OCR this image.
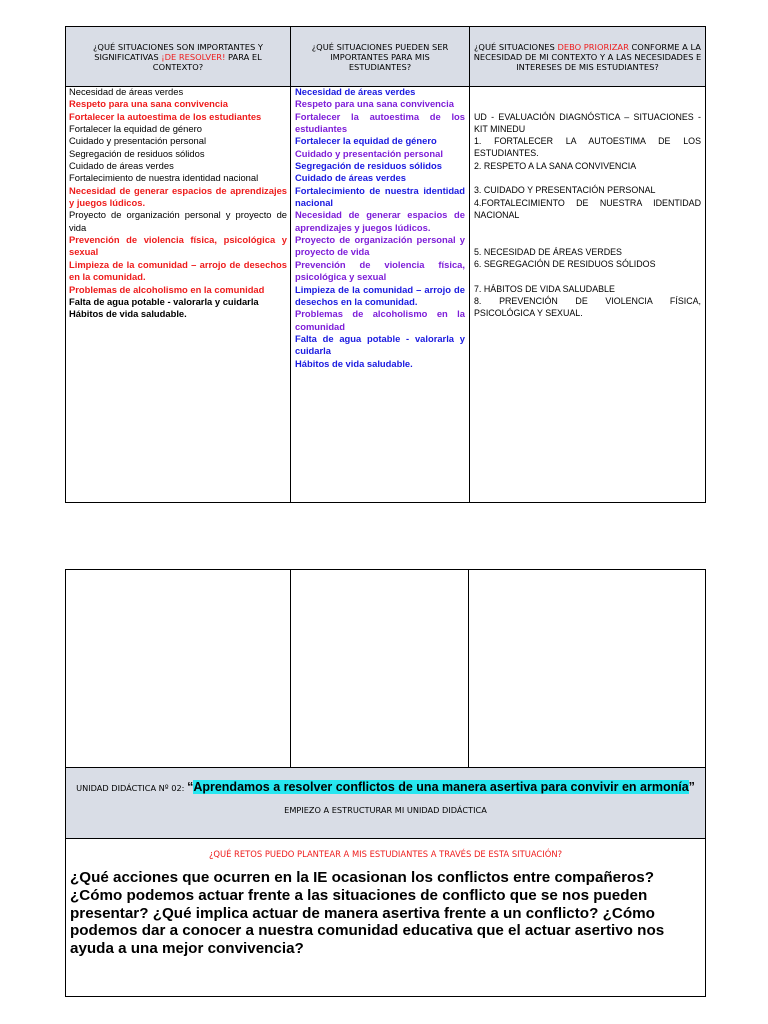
¿QUÉ SITUACIONES SON IMPORTANTES Y SIGNIFICATIVAS ¡DE RESOLVER! PARA EL CONTEXTO?
¿QUÉ SITUACIONES PUEDEN SER IMPORTANTES PARA MIS ESTUDIANTES?
¿QUÉ SITUACIONES DEBO PRIORIZAR CONFORME A LA NECESIDAD DE MI CONTEXTO Y A LAS NECESIDADES E INTERESES DE MIS ESTUDIANTES?
Necesidad de áreas verdes
Respeto para una sana convivencia
Fortalecer la autoestima de los estudiantes
Fortalecer la equidad de género
Cuidado y presentación personal
Segregación de residuos sólidos
Cuidado de áreas verdes
Fortalecimiento de nuestra identidad nacional
Necesidad de generar espacios de aprendizajes y juegos lúdicos.
Proyecto de organización personal y proyecto de vida
Prevención de violencia física, psicológica y sexual
Limpieza de la comunidad – arrojo de desechos en la comunidad.
Problemas de alcoholismo en la comunidad
Falta de agua potable - valorarla y cuidarla
Hábitos de vida saludable.
Necesidad de áreas verdes
Respeto para una sana convivencia
Fortalecer la autoestima de los estudiantes
Fortalecer la equidad de género
Cuidado y presentación personal
Segregación de residuos sólidos
Cuidado de áreas verdes
Fortalecimiento de nuestra identidad nacional
Necesidad de generar espacios de aprendizajes y juegos lúdicos.
Proyecto de organización personal y proyecto de vida
Prevención de violencia física, psicológica y sexual
Limpieza de la comunidad – arrojo de desechos en la comunidad.
Problemas de alcoholismo en la comunidad
Falta de agua potable - valorarla y cuidarla
Hábitos de vida saludable.
UD - EVALUACIÓN DIAGNÓSTICA – SITUACIONES - KIT MINEDU
1. FORTALECER LA AUTOESTIMA DE LOS ESTUDIANTES.
2. RESPETO A LA SANA CONVIVENCIA
3. CUIDADO Y PRESENTACIÓN PERSONAL
4.FORTALECIMIENTO DE NUESTRA IDENTIDAD NACIONAL
5. NECESIDAD DE ÁREAS VERDES
6. SEGREGACIÓN DE RESIDUOS SÓLIDOS
7. HÁBITOS DE VIDA SALUDABLE
8. PREVENCIÓN DE VIOLENCIA FÍSICA, PSICOLÓGICA Y SEXUAL.
UNIDAD DIDÁCTICA Nº 02: “Aprendamos a resolver conflictos de una manera asertiva para convivir en armonía”
EMPIEZO A ESTRUCTURAR MI UNIDAD DIDÁCTICA
¿QUÉ RETOS PUEDO PLANTEAR A MIS ESTUDIANTES A TRAVÉS DE ESTA SITUACIÓN?
¿Qué acciones que ocurren en la IE ocasionan los conflictos entre compañeros? ¿Cómo podemos actuar frente a las situaciones de conflicto que se nos pueden presentar? ¿Qué implica actuar de manera asertiva frente a un conflicto? ¿Cómo podemos dar a conocer a nuestra comunidad educativa que el actuar asertivo nos ayuda a una mejor convivencia?
